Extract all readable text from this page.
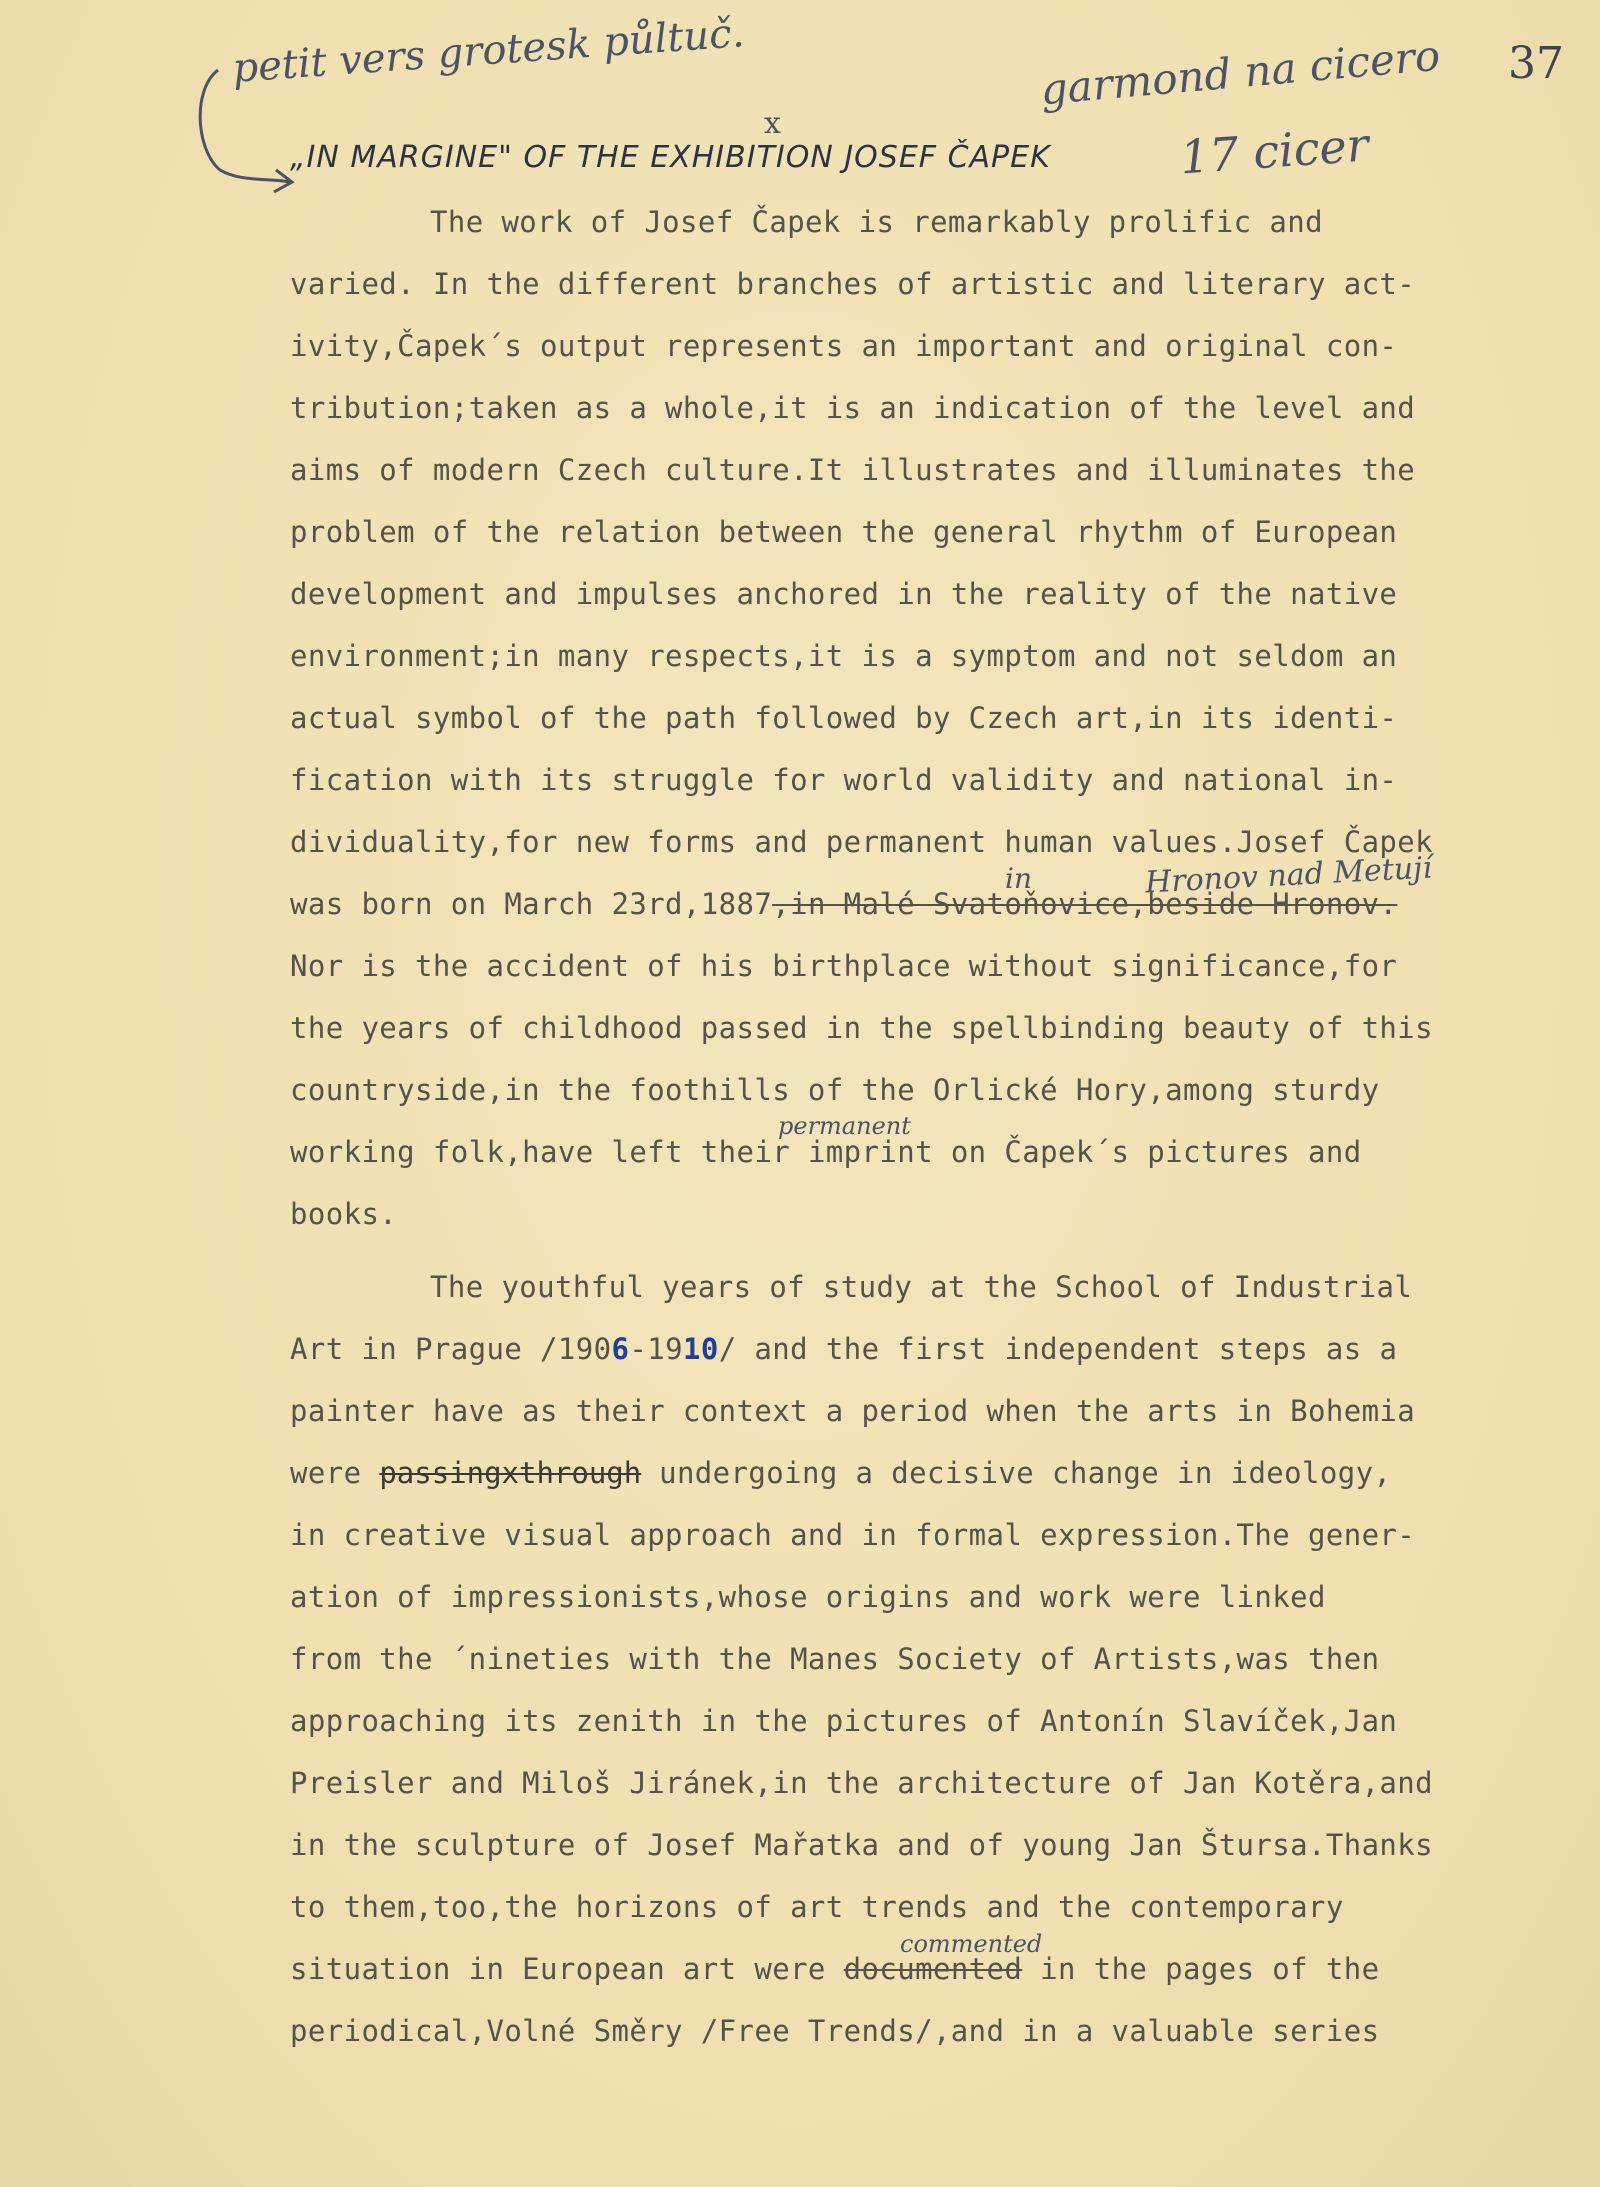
petit vers grotesk půltuč.	garmond na cicero 37
17 cicer
x
„IN MARGINE" OF THE EXHIBITION JOSEF ČAPEK
The work of Josef Čapek is remarkably prolific and
varied. In the different branches of artistic and literary act-
ivity,Čapek´s output represents an important and original con-
tribution;taken as a whole,it is an indication of the level and
aims of modern Czech culture.It illustrates and illuminates the
problem of the relation between the general rhythm of European
development and impulses anchored in the reality of the native
environment;in many respects,it is a symptom and not seldom an
actual symbol of the path followed by Czech art,in its identi-
fication with its struggle for world validity and national in-
dividuality,for new forms and permanent human values.Josef Čapek
in	Hronov nad Metují
was born on March 23rd,1887,in Malé Svatoňovice,beside Hronov.
Nor is the accident of his birthplace without significance,for
the years of childhood passed in the spellbinding beauty of this
countryside,in the foothills of the Orlické Hory,among sturdy
permanent
working folk,have left their imprint on Čapek´s pictures and
books.
The youthful years of study at the School of Industrial
Art in Prague /1906-1910/ and the first independent steps as a
painter have as their context a period when the arts in Bohemia
were passingxthrough undergoing a decisive change in ideology,
in creative visual approach and in formal expression.The gener-
ation of impressionists,whose origins and work were linked
from the ´nineties with the Manes Society of Artists,was then
approaching its zenith in the pictures of Antonín Slavíček,Jan
Preisler and Miloš Jiránek,in the architecture of Jan Kotěra,and
in the sculpture of Josef Mařatka and of young Jan Štursa.Thanks
to them,too,the horizons of art trends and the contemporary
commented
situation in European art were documented in the pages of the
periodical,Volné Směry /Free Trends/,and in a valuable series
